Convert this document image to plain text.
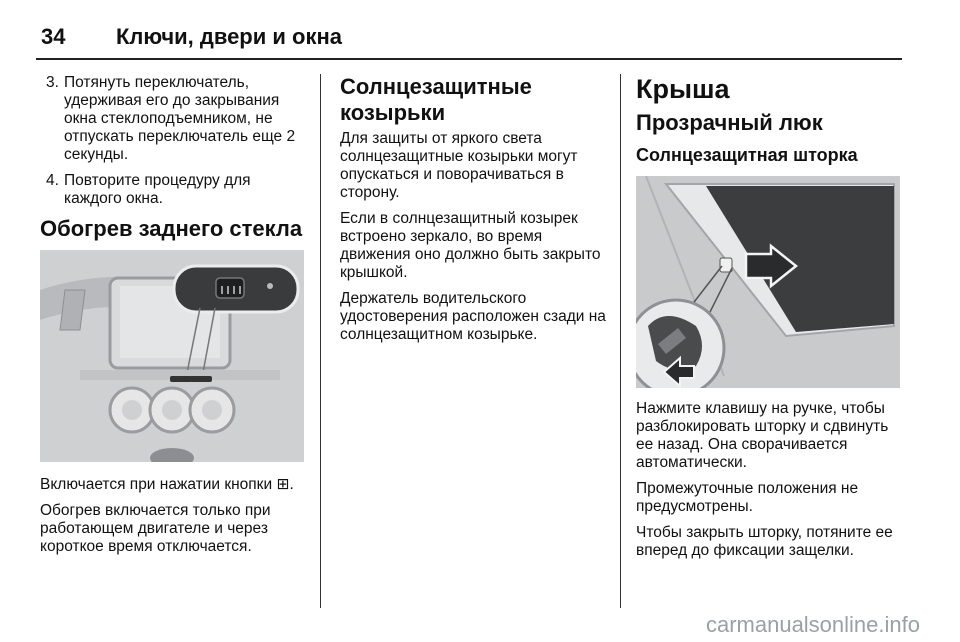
34 Ключи, двери и окна
3. Потянуть переключатель, удерживая его до закрывания окна стеклоподъемником, не отпускать переключатель еще 2 секунды.
4. Повторите процедуру для каждого окна.
Обогрев заднего стекла

Включается при нажатии кнопки ⊞.

Обогрев включается только при работающем двигателе и через короткое время отключается.

Солнцезащитные козырьки

Для защиты от яркого света солнцезащитные козырьки могут опускаться и поворачиваться в сторону.

Если в солнцезащитный козырек встроено зеркало, во время движения оно должно быть закрыто крышкой.

Держатель водительского удостоверения расположен сзади на солнцезащитном козырьке.

Крыша
Прозрачный люк
Солнцезащитная шторка

Нажмите клавишу на ручке, чтобы разблокировать шторку и сдвинуть ее назад. Она сворачивается автоматически.

Промежуточные положения не предусмотрены.

Чтобы закрыть шторку, потяните ее вперед до фиксации защелки.

carmanualsonline.info
